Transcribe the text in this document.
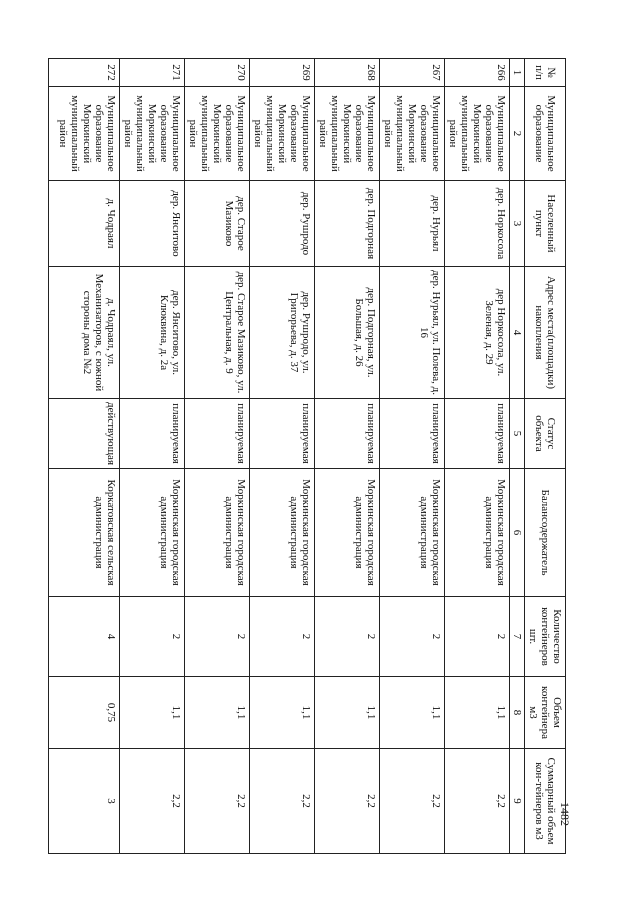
1482
№ п/п	Муниципальное образование	Населенный пункт	Адрес места(площадки) накопления	Статус объекта	Балансодержатель	Количество контейнеров шт.	Объем контейнера м3	Суммарный объем кон-тейнеров м3
1	2	3	4	5	6	7	8	9
266	Муниципальное образование Моркинский муниципальный район	дер. Норкосола	дер Норкосола, ул. Зеленая, д. 29	планируемая	Моркинская городская администрация	2	1,1	2,2
267	Муниципальное образование Моркинский муниципальный район	дер. Нурьял	дер. Нурьял, ул. Полева, д. 16	планируемая	Моркинская городская администрация	2	1,1	2,2
268	Муниципальное образование Моркинский муниципальный район	дер. Подгорная	дер. Подгорная, ул. Большая, д. 26	планируемая	Моркинская городская администрация	2	1,1	2,2
269	Муниципальное образование Моркинский муниципальный район	дер. Рушродо	дер. Рушродо, ул. Григорьева, д. 37	планируемая	Моркинская городская администрация	2	1,1	2,2
270	Муниципальное образование Моркинский муниципальный район	дер. Старое Мазиково	дер. Старое Мазиково, ул. Центральная, д. 9	планируемая	Моркинская городская администрация	2	1,1	2,2
271	Муниципальное образование Моркинский муниципальный район	дер. Янситово	дер. Янситово, ул. Клюквина, д. 2а	планируемая	Моркинская городская администрация	2	1,1	2,2
272	Муниципальное образование Моркинский муниципальный район	д. Чодраял	д. Чодраял, ул. Механизаторов, с южной стороны дома №2	действующая	Коркатовская сельская администрация	4	0,75	3
